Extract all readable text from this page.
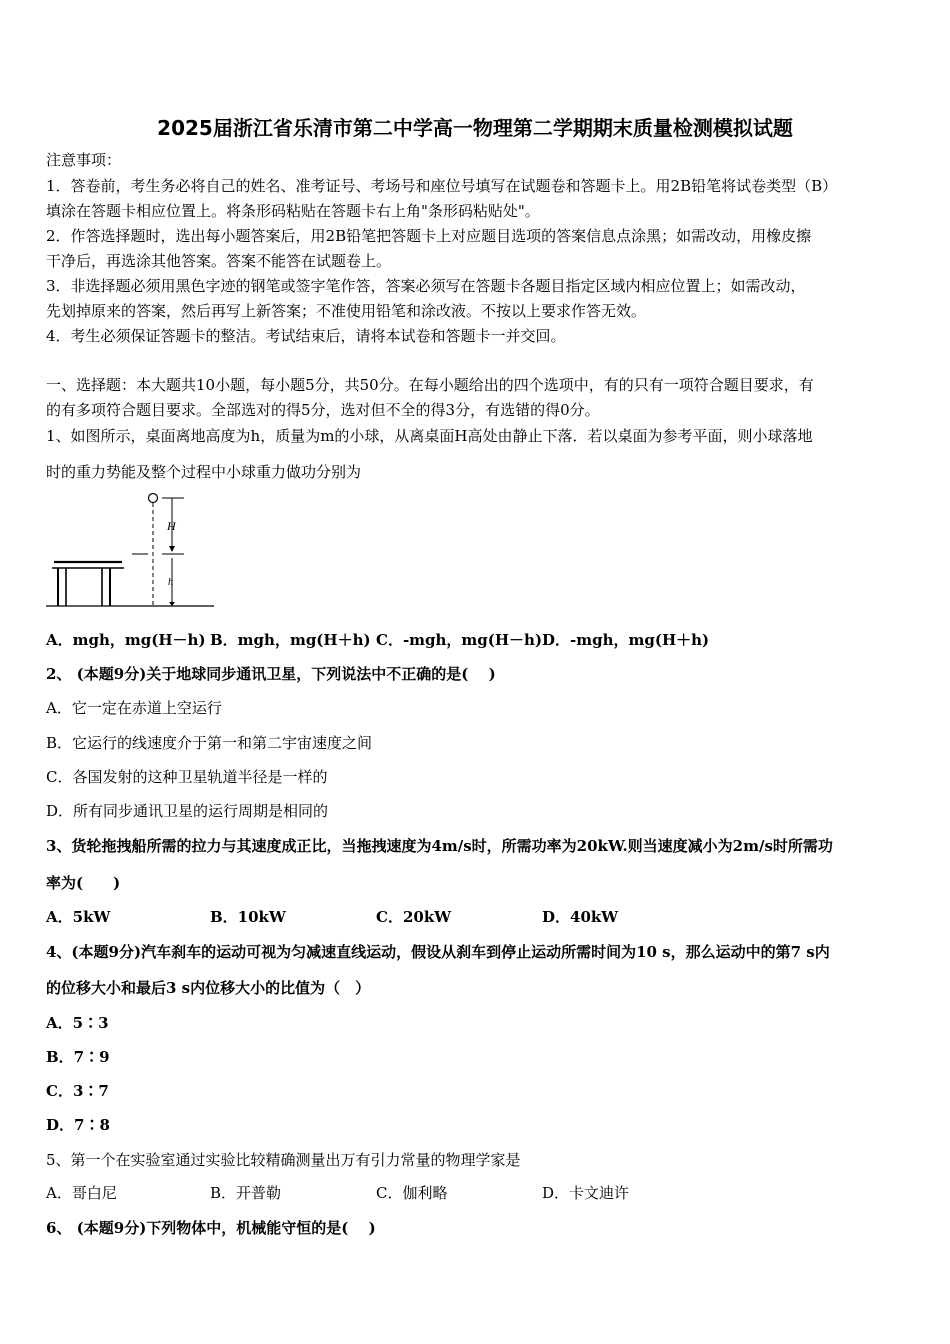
2025届浙江省乐清市第二中学高一物理第二学期期末质量检测模拟试题
注意事项：
1．答卷前，考生务必将自己的姓名、准考证号、考场号和座位号填写在试题卷和答题卡上。用2B铅笔将试卷类型（B）
填涂在答题卡相应位置上。将条形码粘贴在答题卡右上角"条形码粘贴处"。
2．作答选择题时，选出每小题答案后，用2B铅笔把答题卡上对应题目选项的答案信息点涂黑；如需改动，用橡皮擦
干净后，再选涂其他答案。答案不能答在试题卷上。
3．非选择题必须用黑色字迹的钢笔或签字笔作答，答案必须写在答题卡各题目指定区域内相应位置上；如需改动，
先划掉原来的答案，然后再写上新答案；不准使用铅笔和涂改液。不按以上要求作答无效。
4．考生必须保证答题卡的整洁。考试结束后，请将本试卷和答题卡一并交回。
一、选择题：本大题共10小题，每小题5分，共50分。在每小题给出的四个选项中，有的只有一项符合题目要求，有
的有多项符合题目要求。全部选对的得5分，选对但不全的得3分，有选错的得0分。
1、如图所示，桌面离地高度为h，质量为m的小球，从离桌面H高处由静止下落．若以桌面为参考平面，则小球落地
时的重力势能及整个过程中小球重力做功分别为
H
h
A．mgh，mg(H－h) B．mgh，mg(H＋h) C．-mgh，mg(H－h) D．-mgh，mg(H＋h)
2、 (本题9分)关于地球同步通讯卫星，下列说法中不正确的是(　 )
A．它一定在赤道上空运行
B．它运行的线速度介于第一和第二宇宙速度之间
C．各国发射的这种卫星轨道半径是一样的
D．所有同步通讯卫星的运行周期是相同的
3、货轮拖拽船所需的拉力与其速度成正比，当拖拽速度为4m/s时，所需功率为20kW.则当速度减小为2m/s时所需功
率为(　　)
A．5kW	B．10kW	C．20kW	D．40kW
4、(本题9分)汽车刹车的运动可视为匀减速直线运动，假设从刹车到停止运动所需时间为10 s，那么运动中的第7 s内
的位移大小和最后3 s内位移大小的比值为（　）
A．5∶3
B．7∶9
C．3∶7
D．7∶8
5、第一个在实验室通过实验比较精确测量出万有引力常量的物理学家是
A．哥白尼	B．开普勒	C．伽利略	D．卡文迪许
6、 (本题9分)下列物体中，机械能守恒的是(　 )
